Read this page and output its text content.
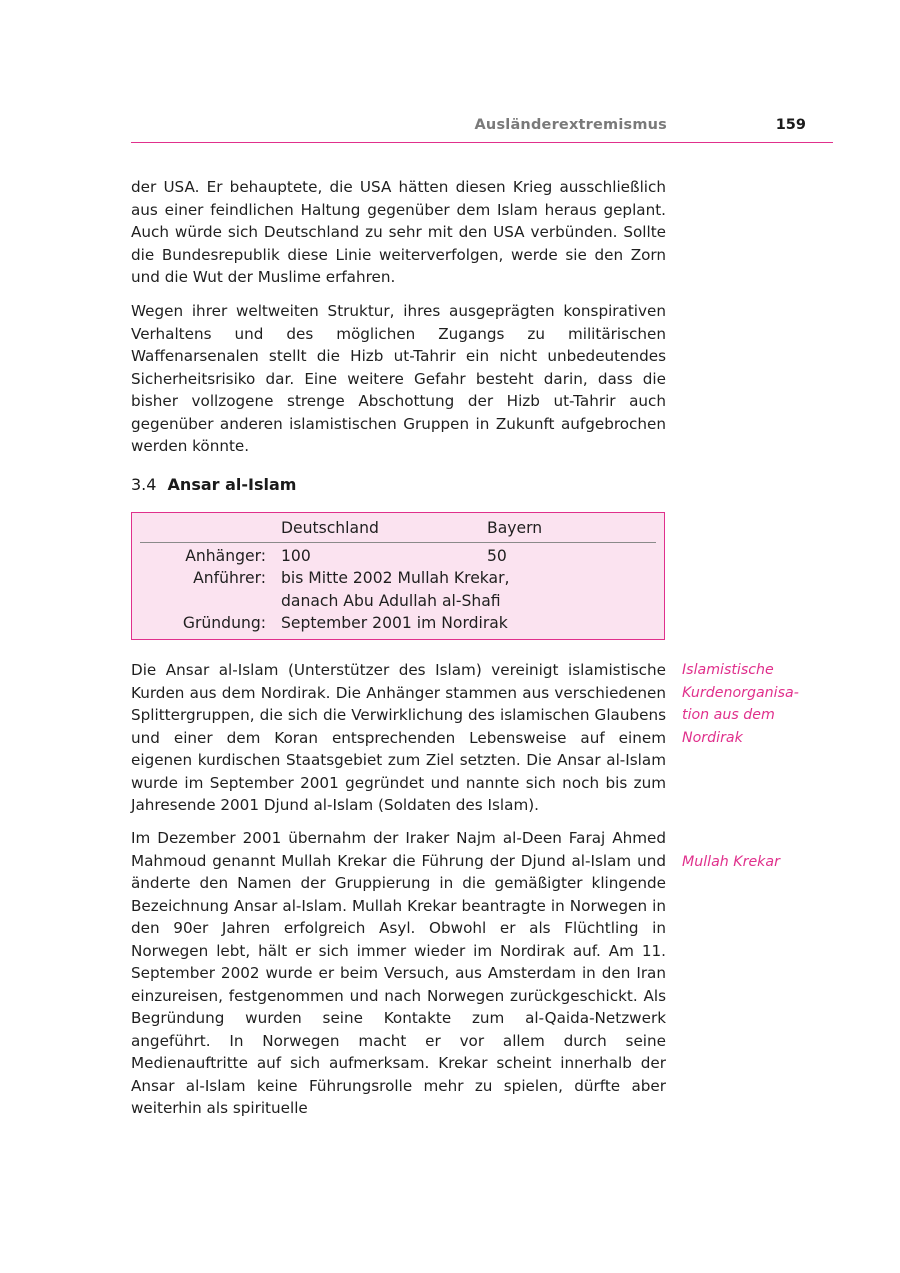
Ausländerextremismus	159

der USA. Er behauptete, die USA hätten diesen Krieg ausschließlich aus einer feindlichen Haltung gegenüber dem Islam heraus geplant. Auch würde sich Deutschland zu sehr mit den USA verbünden. Sollte die Bundesrepublik diese Linie weiterverfolgen, werde sie den Zorn und die Wut der Muslime erfahren.

Wegen ihrer weltweiten Struktur, ihres ausgeprägten konspirativen Verhaltens und des möglichen Zugangs zu militärischen Waffenarsenalen stellt die Hizb ut-Tahrir ein nicht unbedeutendes Sicherheitsrisiko dar. Eine weitere Gefahr besteht darin, dass die bisher vollzogene strenge Abschottung der Hizb ut-Tahrir auch gegenüber anderen islamistischen Gruppen in Zukunft aufgebrochen werden könnte.

3.4 Ansar al-Islam
Deutschland	Bayern
Anhänger: 100	50
Anführer: bis Mitte 2002 Mullah Krekar,
danach Abu Adullah al-Shafi
Gründung: September 2001 im Nordirak

Die Ansar al-Islam (Unterstützer des Islam) vereinigt islamistische Kurden aus dem Nordirak. Die Anhänger stammen aus verschiedenen Splittergruppen, die sich die Verwirklichung des islamischen Glaubens und einer dem Koran entsprechenden Lebensweise auf einem eigenen kurdischen Staatsgebiet zum Ziel setzten. Die Ansar al-Islam wurde im September 2001 gegründet und nannte sich noch bis zum Jahresende 2001 Djund al-Islam (Soldaten des Islam).

Islamistische
Kurdenorganisa-
tion aus dem
Nordirak

Im Dezember 2001 übernahm der Iraker Najm al-Deen Faraj Ahmed Mahmoud genannt Mullah Krekar die Führung der Djund al-Islam und änderte den Namen der Gruppierung in die gemäßigter klingende Bezeichnung Ansar al-Islam. Mullah Krekar beantragte in Norwegen in den 90er Jahren erfolgreich Asyl. Obwohl er als Flüchtling in Norwegen lebt, hält er sich immer wieder im Nordirak auf. Am 11. September 2002 wurde er beim Versuch, aus Amsterdam in den Iran einzureisen, festgenommen und nach Norwegen zurückgeschickt. Als Begründung wurden seine Kontakte zum al-Qaida-Netzwerk angeführt. In Norwegen macht er vor allem durch seine Medienauftritte auf sich aufmerksam. Krekar scheint innerhalb der Ansar al-Islam keine Führungsrolle mehr zu spielen, dürfte aber weiterhin als spirituelle

Mullah Krekar
